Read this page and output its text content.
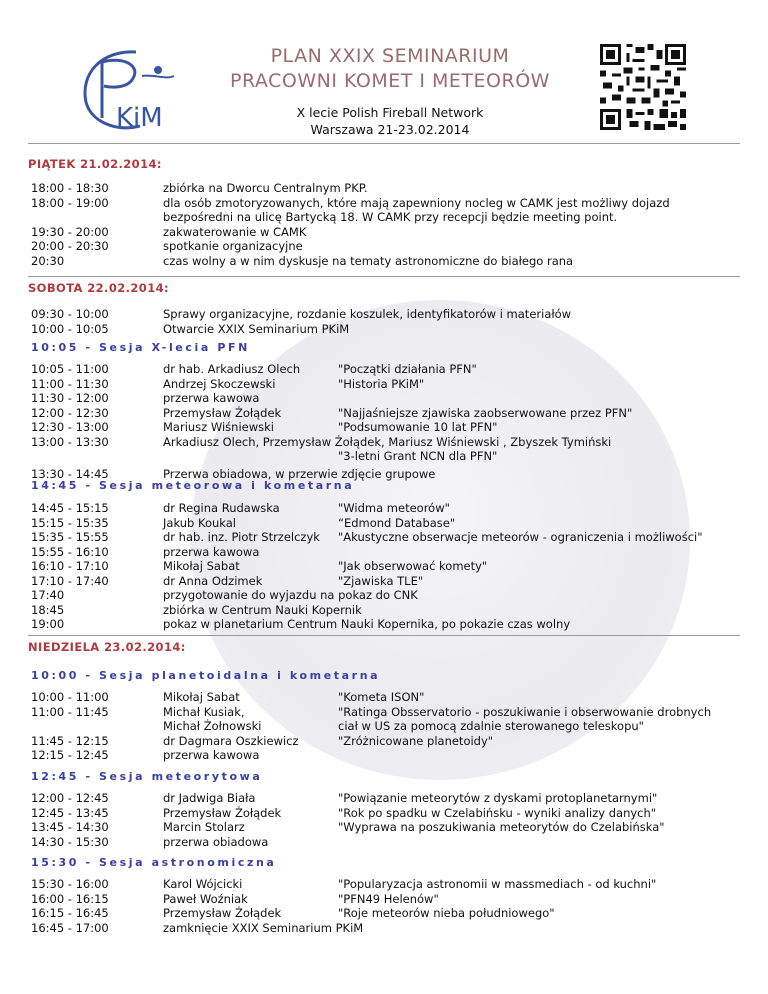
KiM
PLAN XXIX SEMINARIUM
PRACOWNI KOMET I METEORÓW
X lecie Polish Fireball Network
Warszawa 21-23.02.2014
PIĄTEK 21.02.2014:
18:00 - 18:30	zbiórka na Dworcu Centralnym PKP.
18:00 - 19:00	dla osób zmotoryzowanych, które mają zapewniony nocleg w CAMK jest możliwy dojazd
bezpośredni na ulicę Bartycką 18. W CAMK przy recepcji będzie meeting point.
19:30 - 20:00	zakwaterowanie w CAMK
20:00 - 20:30	spotkanie organizacyjne
20:30	czas wolny a w nim dyskusje na tematy astronomiczne do białego rana
SOBOTA 22.02.2014:
09:30 - 10:00	Sprawy organizacyjne, rozdanie koszulek, identyfikatorów i materiałów
10:00 - 10:05	Otwarcie XXIX Seminarium PKiM
10:05 - Sesja X-lecia PFN
10:05 - 11:00	dr hab. Arkadiusz Olech	"Początki działania PFN"
11:00 - 11:30	Andrzej Skoczewski	"Historia PKiM"
11:30 - 12:00	przerwa kawowa
12:00 - 12:30	Przemysław Żołądek	"Najjaśniejsze zjawiska zaobserwowane przez PFN"
12:30 - 13:00	Mariusz Wiśniewski	"Podsumowanie 10 lat PFN"
13:00 - 13:30	Arkadiusz Olech, Przemysław Żołądek, Mariusz Wiśniewski , Zbyszek Tymiński
"3-letni Grant NCN dla PFN"
13:30 - 14:45	Przerwa obiadowa, w przerwie zdjęcie grupowe
14:45 - Sesja meteorowa i kometarna
14:45 - 15:15	dr Regina Rudawska	"Widma meteorów"
15:15 - 15:35	Jakub Koukal	“Edmond Database"
15:35 - 15:55	dr hab. inz. Piotr Strzelczyk "Akustyczne obserwacje meteorów - ograniczenia i możliwości"
15:55 - 16:10	przerwa kawowa
16:10 - 17:10	Mikołaj Sabat	"Jak obserwować komety"
17:10 - 17:40	dr Anna Odzimek	"Zjawiska TLE"
17:40	przygotowanie do wyjazdu na pokaz do CNK
18:45	zbiórka w Centrum Nauki Kopernik
19:00	pokaz w planetarium Centrum Nauki Kopernika, po pokazie czas wolny
NIEDZIELA 23.02.2014:
10:00 - Sesja planetoidalna i kometarna
10:00 - 11:00	Mikołaj Sabat	"Kometa ISON"
11:00 - 11:45	Michał Kusiak,	"Ratinga Obsservatorio - poszukiwanie i obserwowanie drobnych
Michał Żołnowski	ciał w US za pomocą zdalnie sterowanego teleskopu"
11:45 - 12:15	dr Dagmara Oszkiewicz	"Zróżnicowane planetoidy"
12:15 - 12:45	przerwa kawowa
12:45 - Sesja meteorytowa
12:00 - 12:45	dr Jadwiga Biała	"Powiązanie meteorytów z dyskami protoplanetarnymi"
12:45 - 13:45	Przemysław Żołądek	"Rok po spadku w Czelabińsku - wyniki analizy danych"
13:45 - 14:30	Marcin Stolarz	"Wyprawa na poszukiwania meteorytów do Czelabińska"
14:30 - 15:30	przerwa obiadowa
15:30 - Sesja astronomiczna
15:30 - 16:00	Karol Wójcicki	"Popularyzacja astronomii w massmediach - od kuchni"
16:00 - 16:15	Paweł Woźniak	"PFN49 Helenów"
16:15 - 16:45	Przemysław Żołądek	"Roje meteorów nieba południowego"
16:45 - 17:00	zamknięcie XXIX Seminarium PKiM
